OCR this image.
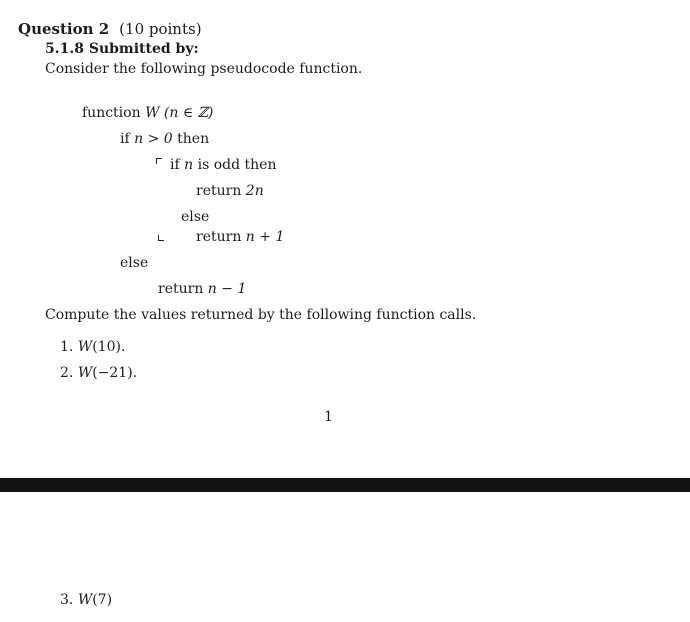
Question 2 (10 points)
5.1.8 Submitted by:
Consider the following pseudocode function.
function W (n ∈ ℤ)
if n > 0 then
if n is odd then
return 2n
else
return n + 1
else
return n − 1
Compute the values returned by the following function calls.
1. W(10).
2. W(−21).
1
3. W(7)
